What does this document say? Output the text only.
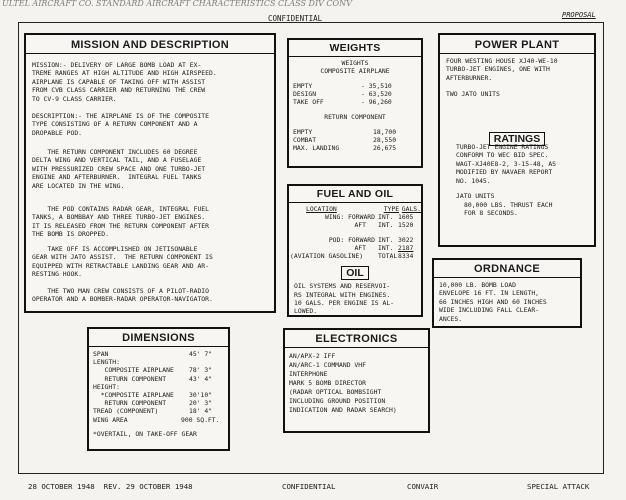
ULTEL AIRCRAFT CO. STANDARD AIRCRAFT CHARACTERISTICS CLASS DIV CONV
CONFIDENTIAL	PROPOSAL
MISSION AND DESCRIPTION
MISSION:- DELIVERY OF LARGE BOMB LOAD AT EX-
TREME RANGES AT HIGH ALTITUDE AND HIGH AIRSPEED.
AIRPLANE IS CAPABLE OF TAKING OFF WITH ASSIST
FROM CVB CLASS CARRIER AND RETURNING THE CREW
TO CV-9 CLASS CARRIER.
DESCRIPTION:- THE AIRPLANE IS OF THE COMPOSITE
TYPE CONSISTING OF A RETURN COMPONENT AND A
DROPABLE POD.
THE RETURN COMPONENT INCLUDES 60 DEGREE
DELTA WING AND VERTICAL TAIL, AND A FUSELAGE
WITH PRESSURIZED CREW SPACE AND ONE TURBO-JET
ENGINE AND AFTERBURNER.  INTEGRAL FUEL TANKS
ARE LOCATED IN THE WING.
THE POD CONTAINS RADAR GEAR, INTEGRAL FUEL
TANKS, A BOMBBAY AND THREE TURBO-JET ENGINES.
IT IS RELEASED FROM THE RETURN COMPONENT AFTER
THE BOMB IS DROPPED.
TAKE OFF IS ACCOMPLISHED ON JETISONABLE
GEAR WITH JATO ASSIST.  THE RETURN COMPONENT IS
EQUIPPED WITH RETRACTABLE LANDING GEAR AND AR-
RESTING HOOK.
THE TWO MAN CREW CONSISTS OF A PILOT-RADIO
OPERATOR AND A BOMBER-RADAR OPERATOR-NAVIGATOR.
WEIGHTS
WEIGHTS
COMPOSITE AIRPLANE
EMPTY	- 35,510
DESIGN	- 63,520
TAKE OFF	- 96,260
RETURN COMPONENT
EMPTY	18,700
COMBAT	28,550
MAX. LANDING	26,675
FUEL AND OIL
LOCATION	TYPE GALS.
WING: FORWARD INT. 1605
AFT	INT. 1520
POD: FORWARD INT. 3022
AFT	INT. 2187
(AVIATION GASOLINE)	TOTAL 8334
OIL
OIL SYSTEMS AND RESERVOI-
RS INTEGRAL WITH ENGINES.
10 GALS. PER ENGINE IS AL-
LOWED.
POWER PLANT
FOUR WESTING HOUSE XJ40-WE-10
TURBO-JET ENGINES, ONE WITH
AFTERBURNER.
TWO JATO UNITS
RATINGS
TURBO-JET ENGINE RATINGS
CONFORM TO WEC BID SPEC.
WAGT-XJ40E8-2, 3-15-48, AS
MODIFIED BY NAVAER REPORT
NO. 1045.
JATO UNITS
80,000 LBS. THRUST EACH
FOR 8 SECONDS.
ORDNANCE
10,000 LB. BOMB LOAD
ENVELOPE 16 FT. IN LENGTH,
66 INCHES HIGH AND 60 INCHES
WIDE INCLUDING FALL CLEAR-
ANCES.
DIMENSIONS
SPAN	45' 7"
LENGTH:
COMPOSITE AIRPLANE	78' 3"
RETURN COMPONENT	43' 4"
HEIGHT:
*COMPOSITE AIRPLANE	30'10"
RETURN COMPONENT	20' 3"
TREAD (COMPONENT)	18' 4"
WING AREA	900 SQ.FT.
*OVERTAIL, ON TAKE-OFF GEAR
ELECTRONICS
AN/APX-2 IFF
AN/ARC-1 COMMAND VHF
INTERPHONE
MARK 5 BOMB DIRECTOR
(RADAR OPTICAL BOMBSIGHT
INCLUDING GROUND POSITION
INDICATION AND RADAR SEARCH)
28 OCTOBER 1948  REV. 29 OCTOBER 1948	CONFIDENTIAL	CONVAIR	SPECIAL ATTACK
